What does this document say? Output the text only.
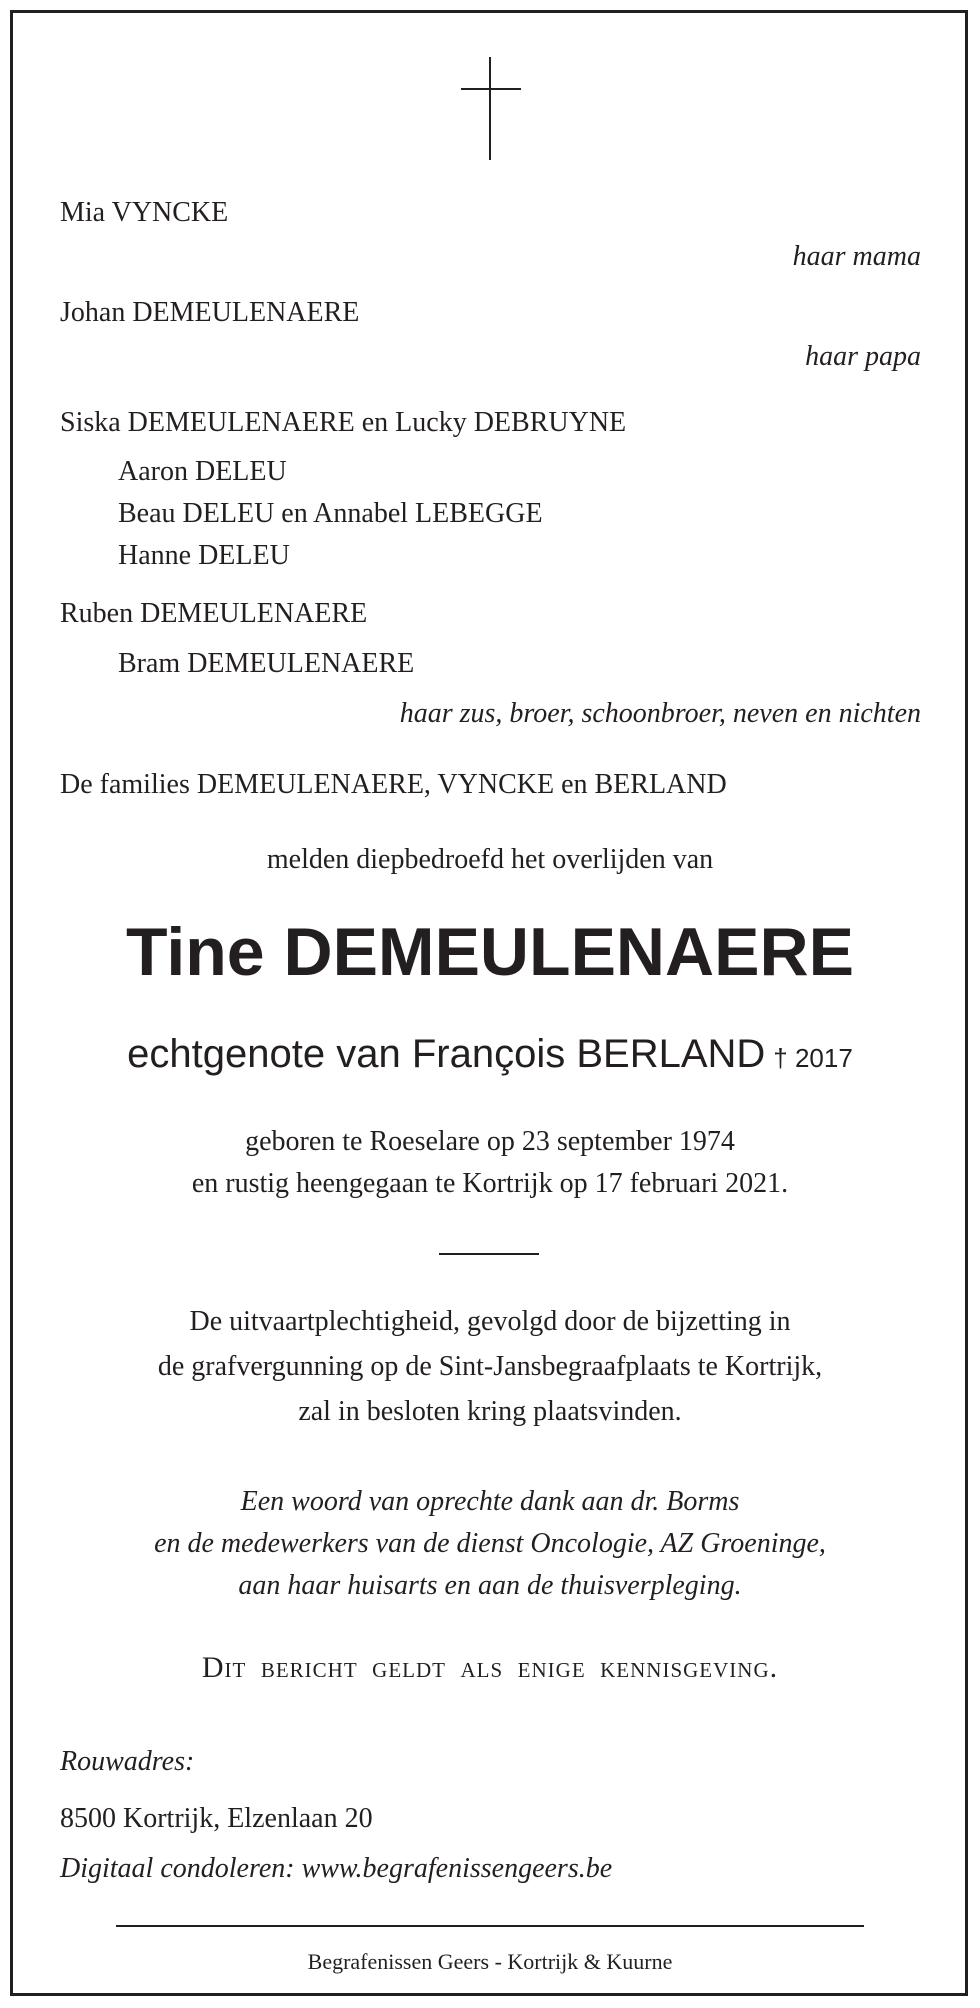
Mia VYNCKE
haar mama
Johan DEMEULENAERE
haar papa
Siska DEMEULENAERE en Lucky DEBRUYNE
Aaron DELEU
Beau DELEU en Annabel LEBEGGE
Hanne DELEU
Ruben DEMEULENAERE
Bram DEMEULENAERE
haar zus, broer, schoonbroer, neven en nichten
De families DEMEULENAERE, VYNCKE en BERLAND
melden diepbedroefd het overlijden van
Tine DEMEULENAERE
echtgenote van François BERLAND † 2017
geboren te Roeselare op 23 september 1974
en rustig heengegaan te Kortrijk op 17 februari 2021.
De uitvaartplechtigheid, gevolgd door de bijzetting in
de grafvergunning op de Sint-Jansbegraafplaats te Kortrijk,
zal in besloten kring plaatsvinden.
Een woord van oprechte dank aan dr. Borms
en de medewerkers van de dienst Oncologie, AZ Groeninge,
aan haar huisarts en aan de thuisverpleging.
Dit bericht geldt als enige kennisgeving.
Rouwadres:
8500 Kortrijk, Elzenlaan 20
Digitaal condoleren: www.begrafenissengeers.be
Begrafenissen Geers - Kortrijk & Kuurne
